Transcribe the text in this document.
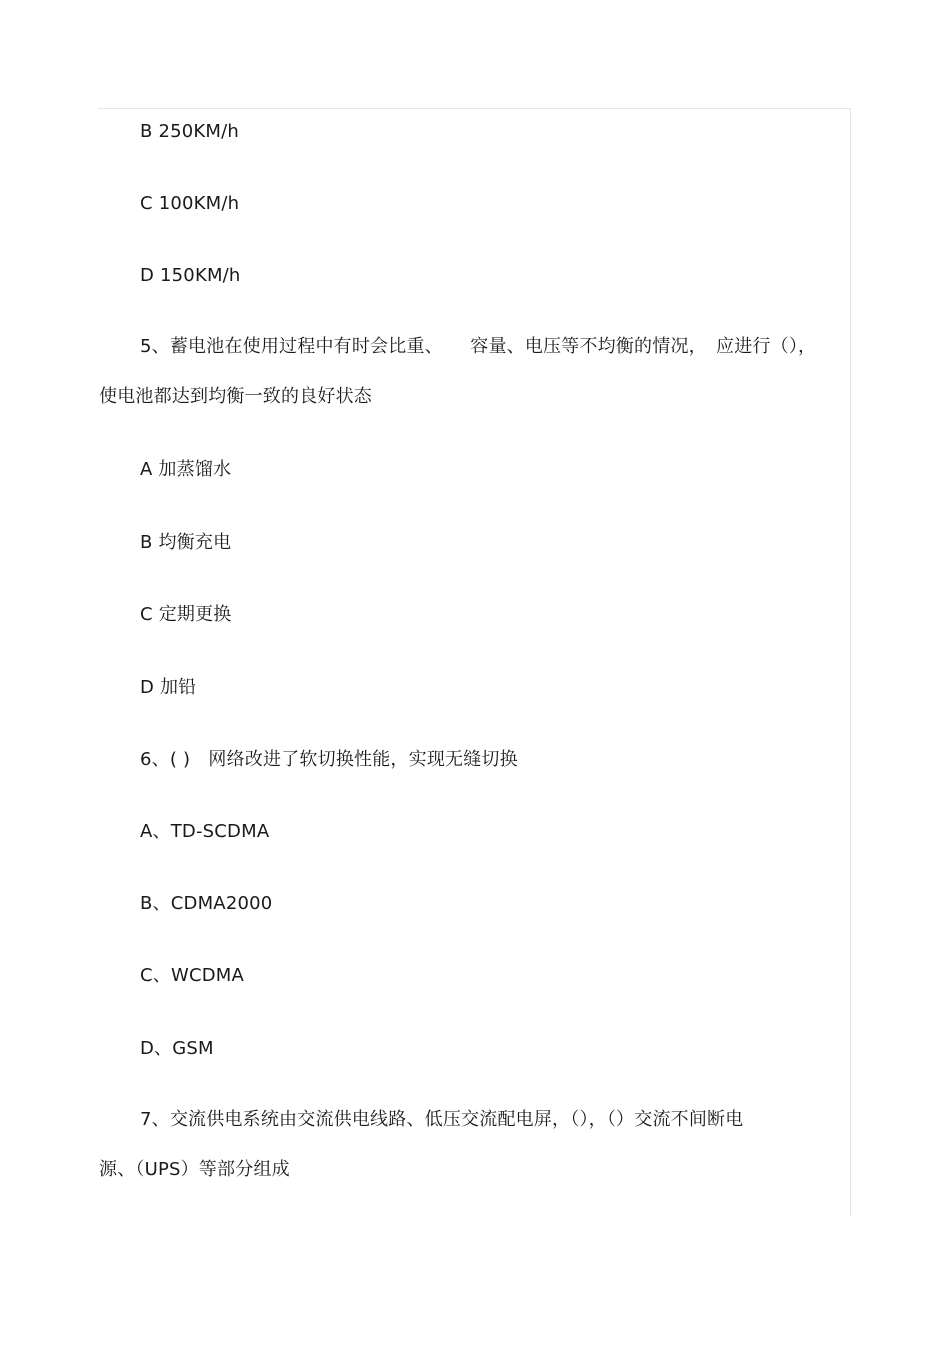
B 250KM/h
C 100KM/h
D 150KM/h
5、蓄电池在使用过程中有时会比重、　　容量、电压等不均衡的情况，　应进行（），
使电池都达到均衡一致的良好状态
A 加蒸馏水
B 均衡充电
C 定期更换
D 加铅
6、( )　网络改进了软切换性能，实现无缝切换
A、TD-SCDMA
B、CDMA2000
C、WCDMA
D、GSM
7、交流供电系统由交流供电线路、低压交流配电屏，（），（）交流不间断电
源、（UPS）等部分组成
